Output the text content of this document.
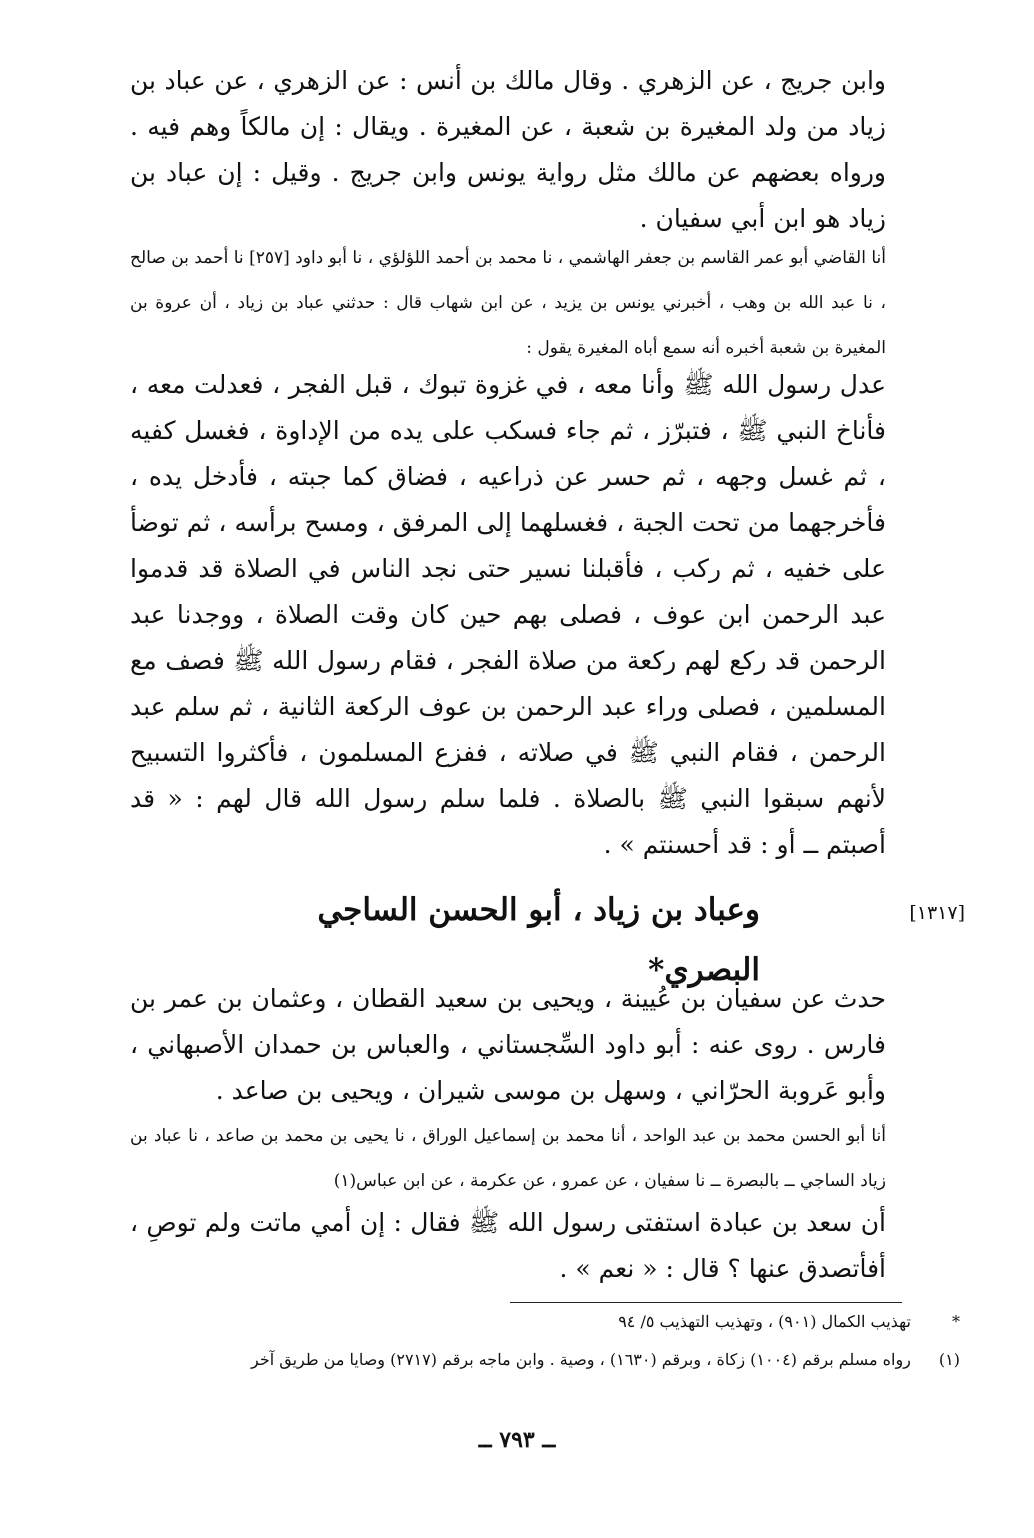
وابن جريج ، عن الزهري . وقال مالك بن أنس : عن الزهري ، عن عباد بن زياد من ولد المغيرة بن شعبة ، عن المغيرة . ويقال : إن مالكاً وهم فيه . ورواه بعضهم عن مالك مثل رواية يونس وابن جريج . وقيل : إن عباد بن زياد هو ابن أبي سفيان .
أنا القاضي أبو عمر القاسم بن جعفر الهاشمي ، نا محمد بن أحمد اللؤلؤي ، نا أبو داود [٢٥٧] نا أحمد بن صالح ، نا عبد الله بن وهب ، أخبرني يونس بن يزيد ، عن ابن شهاب قال : حدثني عباد بن زياد ، أن عروة بن المغيرة بن شعبة أخبره أنه سمع أباه المغيرة يقول :
عدل رسول الله ﷺ وأنا معه ، في غزوة تبوك ، قبل الفجر ، فعدلت معه ، فأناخ النبي ﷺ ، فتبرّز ، ثم جاء فسكب على يده من الإداوة ، فغسل كفيه ، ثم غسل وجهه ، ثم حسر عن ذراعيه ، فضاق كما جبته ، فأدخل يده ، فأخرجهما من تحت الجبة ، فغسلهما إلى المرفق ، ومسح برأسه ، ثم توضأ على خفيه ، ثم ركب ، فأقبلنا نسير حتى نجد الناس في الصلاة قد قدموا عبد الرحمن ابن عوف ، فصلى بهم حين كان وقت الصلاة ، ووجدنا عبد الرحمن قد ركع لهم ركعة من صلاة الفجر ، فقام رسول الله ﷺ فصف مع المسلمين ، فصلى وراء عبد الرحمن بن عوف الركعة الثانية ، ثم سلم عبد الرحمن ، فقام النبي ﷺ في صلاته ، ففزع المسلمون ، فأكثروا التسبيح لأنهم سبقوا النبي ﷺ بالصلاة . فلما سلم رسول الله قال لهم : « قد أصبتم ــ أو : قد أحسنتم » .
[١٣١٧]
وعباد بن زياد ، أبو الحسن الساجي البصري*
حدث عن سفيان بن عُيينة ، ويحيى بن سعيد القطان ، وعثمان بن عمر بن فارس . روى عنه : أبو داود السِّجستاني ، والعباس بن حمدان الأصبهاني ، وأبو عَروبة الحرّاني ، وسهل بن موسى شيران ، ويحيى بن صاعد .
أنا أبو الحسن محمد بن عبد الواحد ، أنا محمد بن إسماعيل الوراق ، نا يحيى بن محمد بن صاعد ، نا عباد بن زياد الساجي ــ بالبصرة ــ نا سفيان ، عن عمرو ، عن عكرمة ، عن ابن عباس(١)
أن سعد بن عبادة استفتى رسول الله ﷺ فقال : إن أمي ماتت ولم توصِ ، أفأتصدق عنها ؟ قال : « نعم » .
* تهذيب الكمال (٩٠١) ، وتهذيب التهذيب ٥/ ٩٤
(١) رواه مسلم برقم (١٠٠٤) زكاة ، وبرقم (١٦٣٠) ، وصية . وابن ماجه برقم (٢٧١٧) وصايا من طريق آخر
ــ ٧٩٣ ــ
